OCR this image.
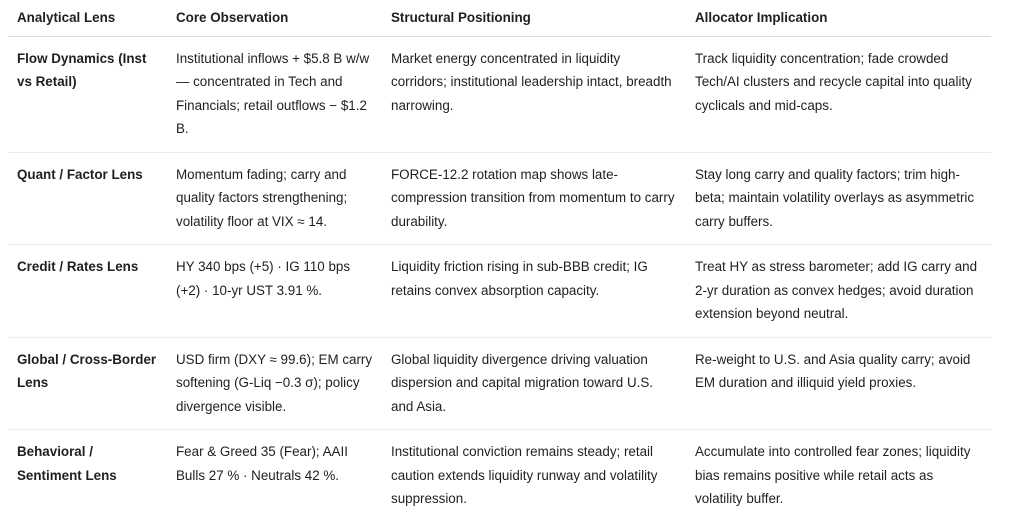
Analytical Lens	Core Observation	Structural Positioning	Allocator Implication
Flow Dynamics (Inst vs Retail)	Institutional inflows + $5.8 B w/w — concentrated in Tech and Financials; retail outflows − $1.2 B.	Market energy concentrated in liquidity corridors; institutional leadership intact, breadth narrowing.	Track liquidity concentration; fade crowded Tech/AI clusters and recycle capital into quality cyclicals and mid-caps.
Quant / Factor Lens	Momentum fading; carry and quality factors strengthening; volatility floor at VIX ≈ 14.	FORCE-12.2 rotation map shows late-compression transition from momentum to carry durability.	Stay long carry and quality factors; trim high-beta; maintain volatility overlays as asymmetric carry buffers.
Credit / Rates Lens	HY 340 bps (+5) · IG 110 bps (+2) · 10-yr UST 3.91 %.	Liquidity friction rising in sub-BBB credit; IG retains convex absorption capacity.	Treat HY as stress barometer; add IG carry and 2-yr duration as convex hedges; avoid duration extension beyond neutral.
Global / Cross-Border Lens	USD firm (DXY ≈ 99.6); EM carry softening (G-Liq −0.3 σ); policy divergence visible.	Global liquidity divergence driving valuation dispersion and capital migration toward U.S. and Asia.	Re-weight to U.S. and Asia quality carry; avoid EM duration and illiquid yield proxies.
Behavioral / Sentiment Lens	Fear & Greed 35 (Fear); AAII Bulls 27 % · Neutrals 42 %.	Institutional conviction remains steady; retail caution extends liquidity runway and volatility suppression.	Accumulate into controlled fear zones; liquidity bias remains positive while retail acts as volatility buffer.
